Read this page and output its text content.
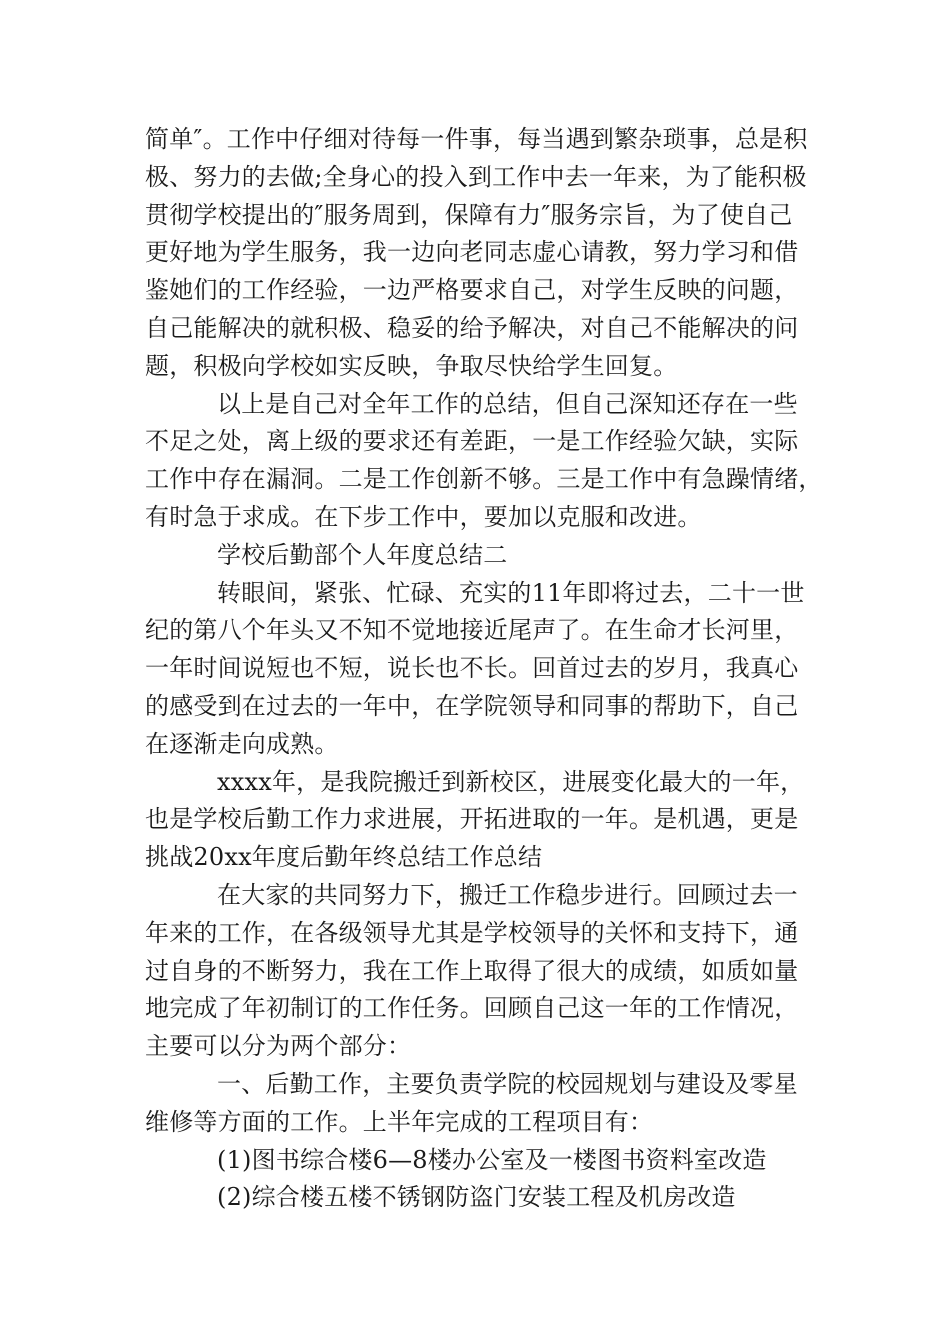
简单″。工作中仔细对待每一件事，每当遇到繁杂琐事，总是积
极、努力的去做;全身心的投入到工作中去一年来，为了能积极
贯彻学校提出的″服务周到，保障有力″服务宗旨，为了使自己
更好地为学生服务，我一边向老同志虚心请教，努力学习和借
鉴她们的工作经验，一边严格要求自己，对学生反映的问题，
自己能解决的就积极、稳妥的给予解决，对自己不能解决的问
题，积极向学校如实反映，争取尽快给学生回复。
以上是自己对全年工作的总结，但自己深知还存在一些
不足之处，离上级的要求还有差距，一是工作经验欠缺，实际
工作中存在漏洞。二是工作创新不够。三是工作中有急躁情绪，
有时急于求成。在下步工作中，要加以克服和改进。
学校后勤部个人年度总结二
转眼间，紧张、忙碌、充实的11年即将过去，二十一世
纪的第八个年头又不知不觉地接近尾声了。在生命才长河里，
一年时间说短也不短，说长也不长。回首过去的岁月，我真心
的感受到在过去的一年中，在学院领导和同事的帮助下，自己
在逐渐走向成熟。
xxxx年，是我院搬迁到新校区，进展变化最大的一年，
也是学校后勤工作力求进展，开拓进取的一年。是机遇，更是
挑战20xx年度后勤年终总结工作总结
在大家的共同努力下，搬迁工作稳步进行。回顾过去一
年来的工作，在各级领导尤其是学校领导的关怀和支持下，通
过自身的不断努力，我在工作上取得了很大的成绩，如质如量
地完成了年初制订的工作任务。回顾自己这一年的工作情况，
主要可以分为两个部分：
一、后勤工作，主要负责学院的校园规划与建设及零星
维修等方面的工作。上半年完成的工程项目有：
(1)图书综合楼6—8楼办公室及一楼图书资料室改造
(2)综合楼五楼不锈钢防盗门安装工程及机房改造
